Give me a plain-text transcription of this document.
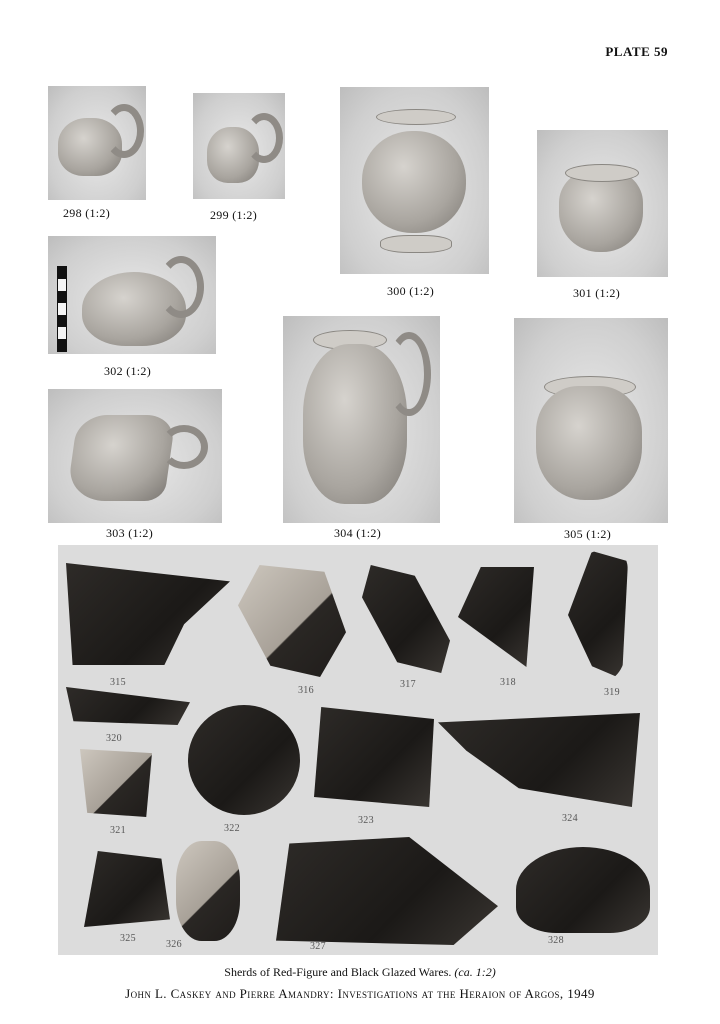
PLATE 59
298 (1:2)	299 (1:2)
300 (1:2)	301 (1:2)
302 (1:2)
303 (1:2)	304 (1:2)	305 (1:2)
315
316
317	318
319
320
321	322
323	324
325
326	327
328
Sherds of Red-Figure and Black Glazed Wares. (ca. 1:2)
John L. Caskey and Pierre Amandry: Investigations at the Heraion of Argos, 1949
